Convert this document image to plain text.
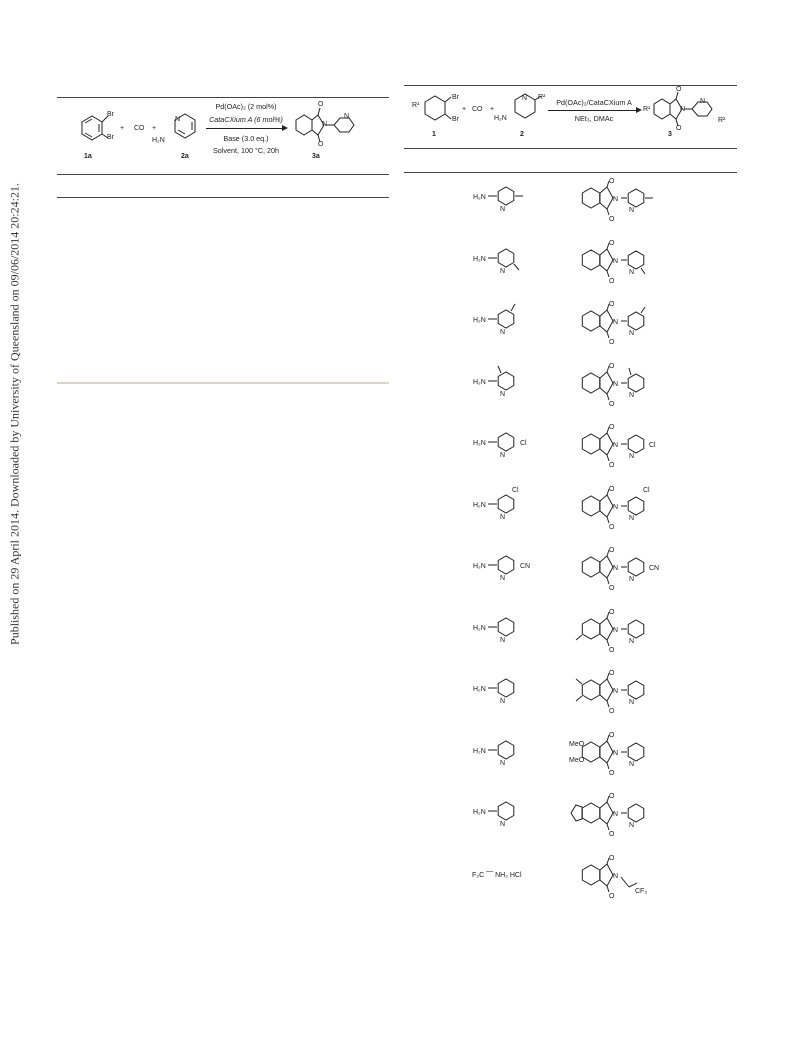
Published on 29 April 2014. Downloaded by University of Queensland on 09/06/2014 20:24:21.
Br
Br
1a
+ CO +
N
H₂N
2a
Pd(OAc)₂ (2 mol%)
CataCXium A (6 mol%)
Base (3.0 eq.)
Solvent, 100 °C, 20h
O
N
O
N
3a
R¹
Br
Br
1
+ CO +
N R²
H₂N
2
Pd(OAc)₂/CataCXium A
NEt₃, DMAc
R¹
O
N
O
N
R²
3
H₂N
N
O
O
N
N
H₂N
N
O
O
N
N
H₂N
N
O
O
N
N
H₂N
N
O
O
N
N
H₂N
N
Cl
O
O
N
N
Cl
H₂N
N
Cl	O
O
N
N
Cl
H₂N
N
CN
O
O
N
N
CN
H₂N
N
O
O
N
N
H₂N
N
O
O
N
N
H₂N
N
O
O
N
N
MeO
MeO
H₂N
N
O
O
N
N
F₃C ⎺ NH₂ HCl
O
O
N
CF₃
